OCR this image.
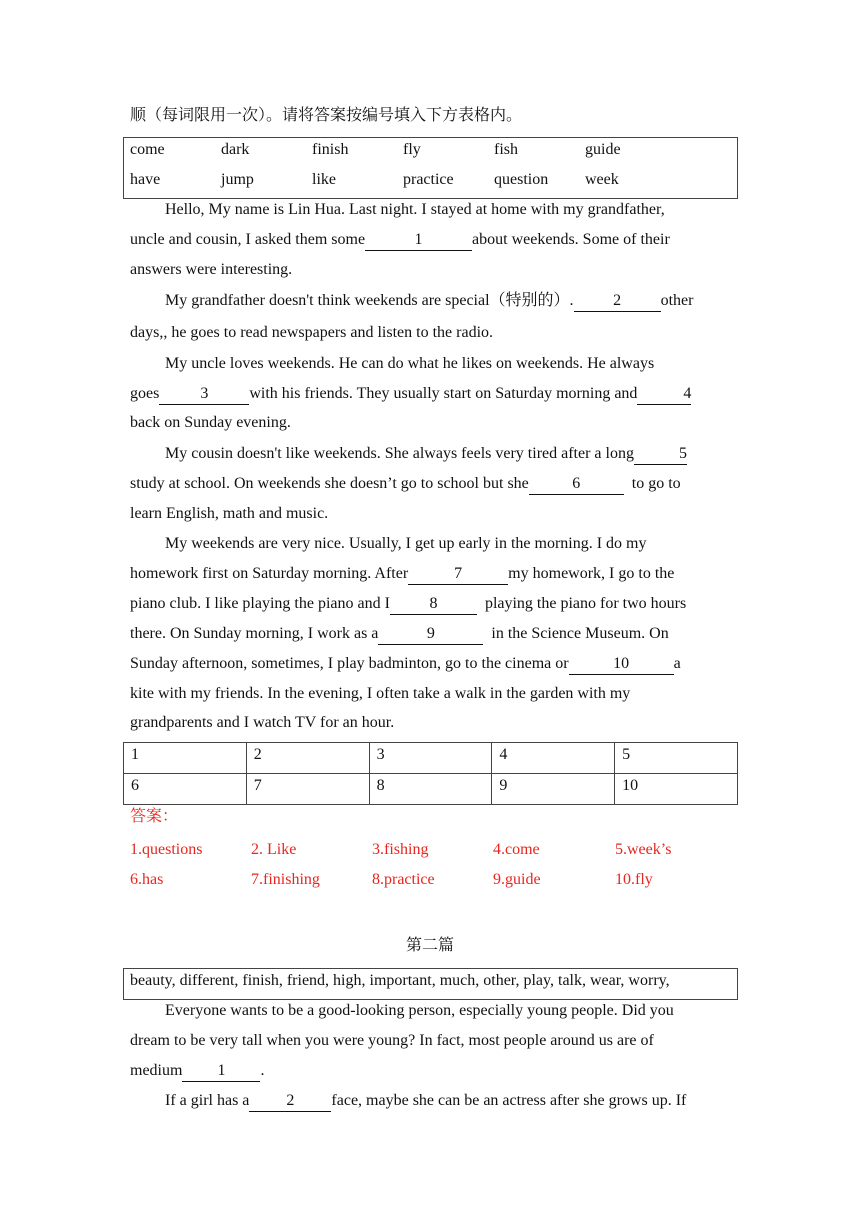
顺（每词限用一次）。请将答案按编号填入下方表格内。
come	dark	finish	fly	fish	guide
have	jump	like	practice	question week
Hello, My name is Lin Hua. Last night. I stayed at home with my grandfather,
uncle and cousin, I asked them some	1	about weekends. Some of their
answers were interesting.
My grandfather doesn't think weekends are special（特别的）. 2 other
days,, he goes to read newspapers and listen to the radio.
My uncle loves weekends. He can do what he likes on weekends. He always
goes	3	with his friends. They usually start on Saturday morning and	4
back on Sunday evening.
My cousin doesn't like weekends. She always feels very tired after a long	5
study at school. On weekends she doesn’t go to school but she	6	to go to
learn English, math and music.
My weekends are very nice. Usually, I get up early in the morning. I do my
homework first on Saturday morning. After	7	my homework, I go to the
piano club. I like playing the piano and I 8	playing the piano for two hours
there. On Sunday morning, I work as a	9	in the Science Museum. On
Sunday afternoon, sometimes, I play badminton, go to the cinema or	10	a
kite with my friends. In the evening, I often take a walk in the garden with my
grandparents and I watch TV for an hour.
1	2	3	4	5
6	7	8	9	10
答案：
1.questions	2. Like	3.fishing	4.come	5.week’s
6.has	7.finishing	8.practice	9.guide	10.fly
第二篇
beauty, different, finish, friend, high, important, much, other, play, talk, wear, worry,
Everyone wants to be a good-looking person, especially young people. Did you
dream to be very tall when you were young? In fact, most people around us are of
medium 1 .
If a girl has a 2 face, maybe she can be an actress after she grows up. If
